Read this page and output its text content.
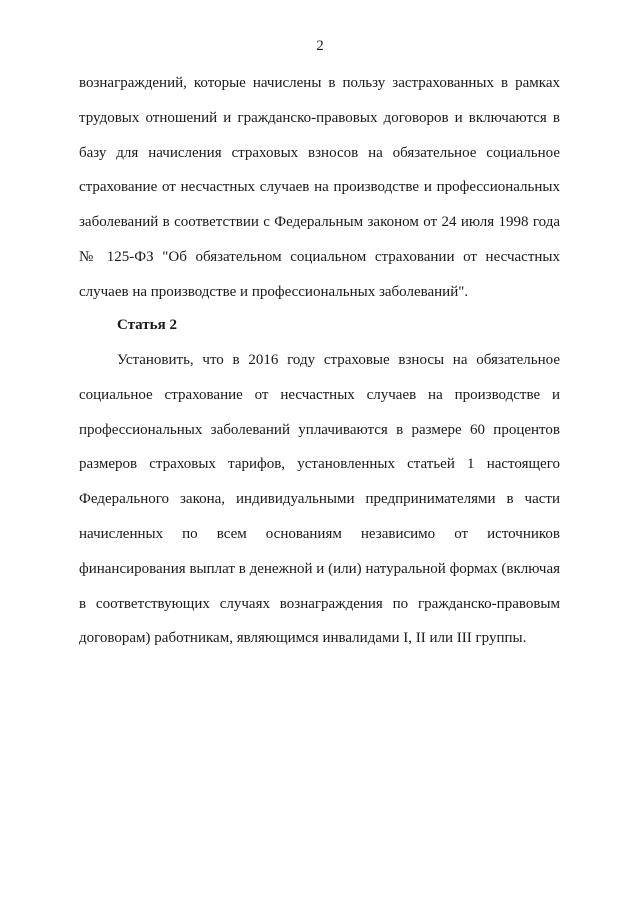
2

вознаграждений, которые начислены в пользу застрахованных в рамках трудовых отношений и гражданско-правовых договоров и включаются в базу для начисления страховых взносов на обязательное социальное страхование от несчастных случаев на производстве и профессиональных заболеваний в соответствии с Федеральным законом от 24 июля 1998 года № 125-ФЗ "Об обязательном социальном страховании от несчастных случаев на производстве и профессиональных заболеваний".

Статья 2

Установить, что в 2016 году страховые взносы на обязательное социальное страхование от несчастных случаев на производстве и профессиональных заболеваний уплачиваются в размере 60 процентов размеров страховых тарифов, установленных статьей 1 настоящего Федерального закона, индивидуальными предпринимателями в части начисленных по всем основаниям независимо от источников финансирования выплат в денежной и (или) натуральной формах (включая в соответствующих случаях вознаграждения по гражданско-правовым договорам) работникам, являющимся инвалидами I, II или III группы.
